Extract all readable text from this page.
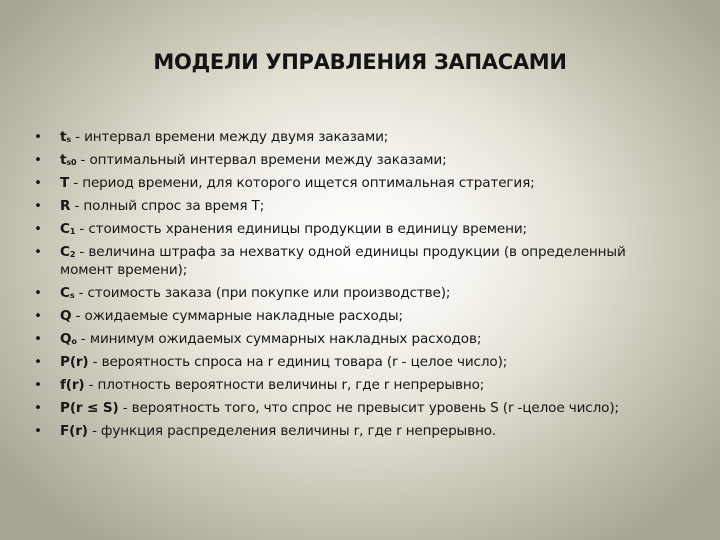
МОДЕЛИ УПРАВЛЕНИЯ ЗАПАСАМИ
•	$t_s$ - интервал времени между двумя заказами;
•	$t_{s0}$ - оптимальный интервал времени между заказами;
•	T - период времени, для которого ищется оптимальная стратегия;
•	R - полный спрос за время Т;
•	$C_1$ - стоимость хранения единицы продукции в единицу времени;
•	$C_2$ - величина штрафа за нехватку одной единицы продукции (в определенный момент времени);
•	$C_s$ - стоимость заказа (при покупке или производстве);
•	Q - ожидаемые суммарные накладные расходы;
•	$Q_o$ - минимум ожидаемых суммарных накладных расходов;
•	P(r) - вероятность спроса на r единиц товара (r - целое число);
•	f(r) - плотность вероятности величины r, где r непрерывно;
•	P(r ≤ S) - вероятность того, что спрос не превысит уровень S (r -целое число);
•	F(r) - функция распределения величины r, где r непрерывно.
